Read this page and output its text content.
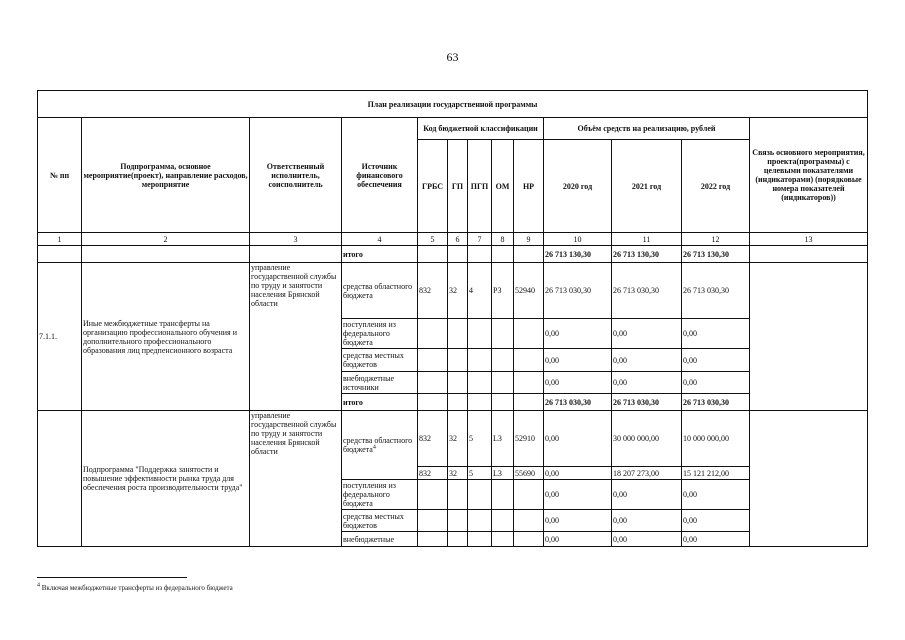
63
План реализации государственной программы												
№ пп	Подпрограмма, основное мероприятие(проект), направление расходов, мероприятие	Ответственный исполнитель, соисполнитель	Источник финансового обеспечения	Код бюджетной классификации					Объём средств на реализацию, рублей			Связь основного мероприятия, проекта(программы) с целевыми показателями (индикаторами) (порядковые номера показателей (индикаторов))
				ГРБС	ГП	ПГП	ОМ	НР	2020 год	2021 год	2022 год	
1	2	3	4	5	6	7	8	9	10	11	12	13
			итого						26 713 130,30	26 713 130,30	26 713 130,30	
7.1.1.	Иные межбюджетные трансферты на организацию профессионального обучения и дополнительного профессионального образования лиц предпенсионного возраста	управление государственной службы по труду и занятости населения Брянской области	средства областного бюджета	832	32	4	Р3	52940	26 713 030,30	26 713 030,30	26 713 030,30	
			поступления из федерального бюджета						0,00	0,00	0,00	
			средства местных бюджетов						0,00	0,00	0,00	
			внебюджетные источники						0,00	0,00	0,00	
			итого						26 713 030,30	26 713 030,30	26 713 030,30	
	Подпрограмма "Поддержка занятости и повышение эффективности рынка труда для обеспечения роста производительности труда"	управление государственной службы по труду и занятости населения Брянской области	средства областного бюджета$^4$	832	32	5	L3	52910	0,00	30 000 000,00	10 000 000,00	
				832	32	5	L3	55690	0,00	18 207 273,00	15 121 212,00	
			поступления из федерального бюджета						0,00	0,00	0,00	
			средства местных бюджетов						0,00	0,00	0,00	
			внебюджетные						0,00	0,00	0,00	
$^4$ Включая межбюджетные трансферты из федерального бюджета
